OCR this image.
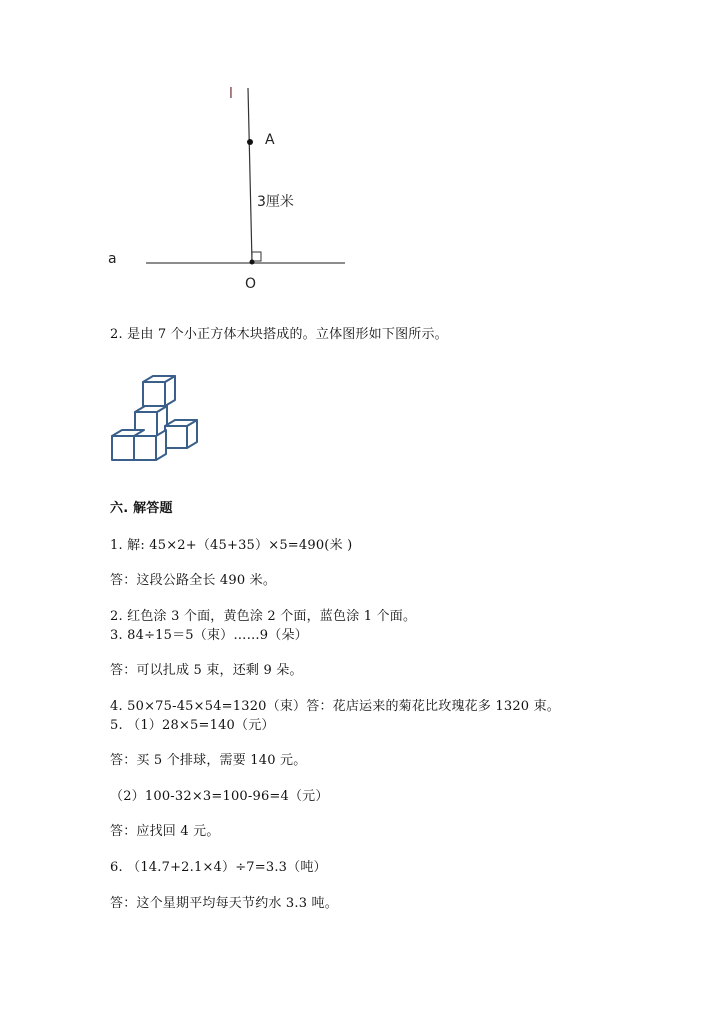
l
A
3厘米
a
O
2. 是由 7 个小正方体木块搭成的。立体图形如下图所示。
六. 解答题
1. 解: 45×2+（45+35）×5=490(米 )
答：这段公路全长 490 米。
2. 红色涂 3 个面，黄色涂 2 个面，蓝色涂 1 个面。
3. 84÷15＝5（束）……9（朵）
答：可以扎成 5 束，还剩 9 朵。
4. 50×75-45×54=1320（束）答：花店运来的菊花比玫瑰花多 1320 束。
5. （1）28×5=140（元）
答：买 5 个排球，需要 140 元。
（2）100-32×3=100-96=4（元）
答：应找回 4 元。
6. （14.7+2.1×4）÷7=3.3（吨）
答：这个星期平均每天节约水 3.3 吨。
